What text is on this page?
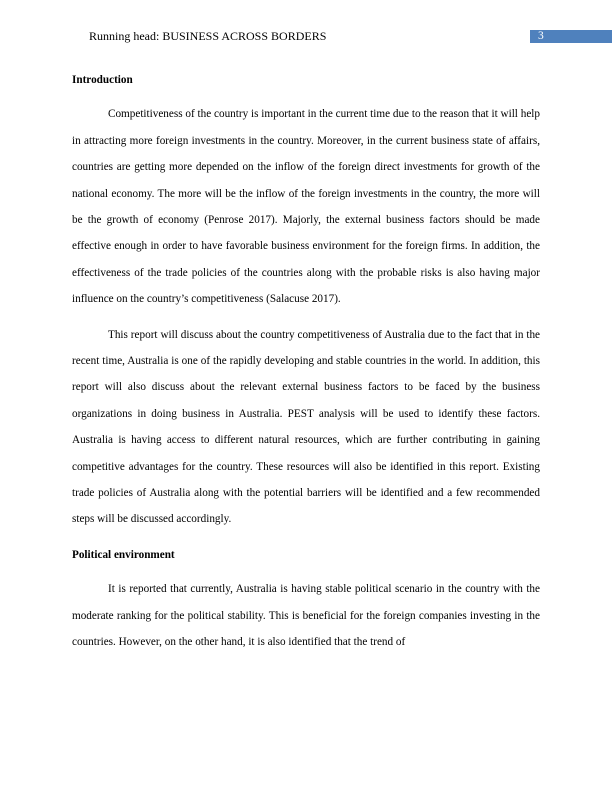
Running head: BUSINESS ACROSS BORDERS	3
Introduction

Competitiveness of the country is important in the current time due to the reason that it will help in attracting more foreign investments in the country. Moreover, in the current business state of affairs, countries are getting more depended on the inflow of the foreign direct investments for growth of the national economy. The more will be the inflow of the foreign investments in the country, the more will be the growth of economy (Penrose 2017). Majorly, the external business factors should be made effective enough in order to have favorable business environment for the foreign firms. In addition, the effectiveness of the trade policies of the countries along with the probable risks is also having major influence on the country’s competitiveness (Salacuse 2017).

This report will discuss about the country competitiveness of Australia due to the fact that in the recent time, Australia is one of the rapidly developing and stable countries in the world. In addition, this report will also discuss about the relevant external business factors to be faced by the business organizations in doing business in Australia. PEST analysis will be used to identify these factors. Australia is having access to different natural resources, which are further contributing in gaining competitive advantages for the country. These resources will also be identified in this report. Existing trade policies of Australia along with the potential barriers will be identified and a few recommended steps will be discussed accordingly.

Political environment

It is reported that currently, Australia is having stable political scenario in the country with the moderate ranking for the political stability. This is beneficial for the foreign companies investing in the countries. However, on the other hand, it is also identified that the trend of
